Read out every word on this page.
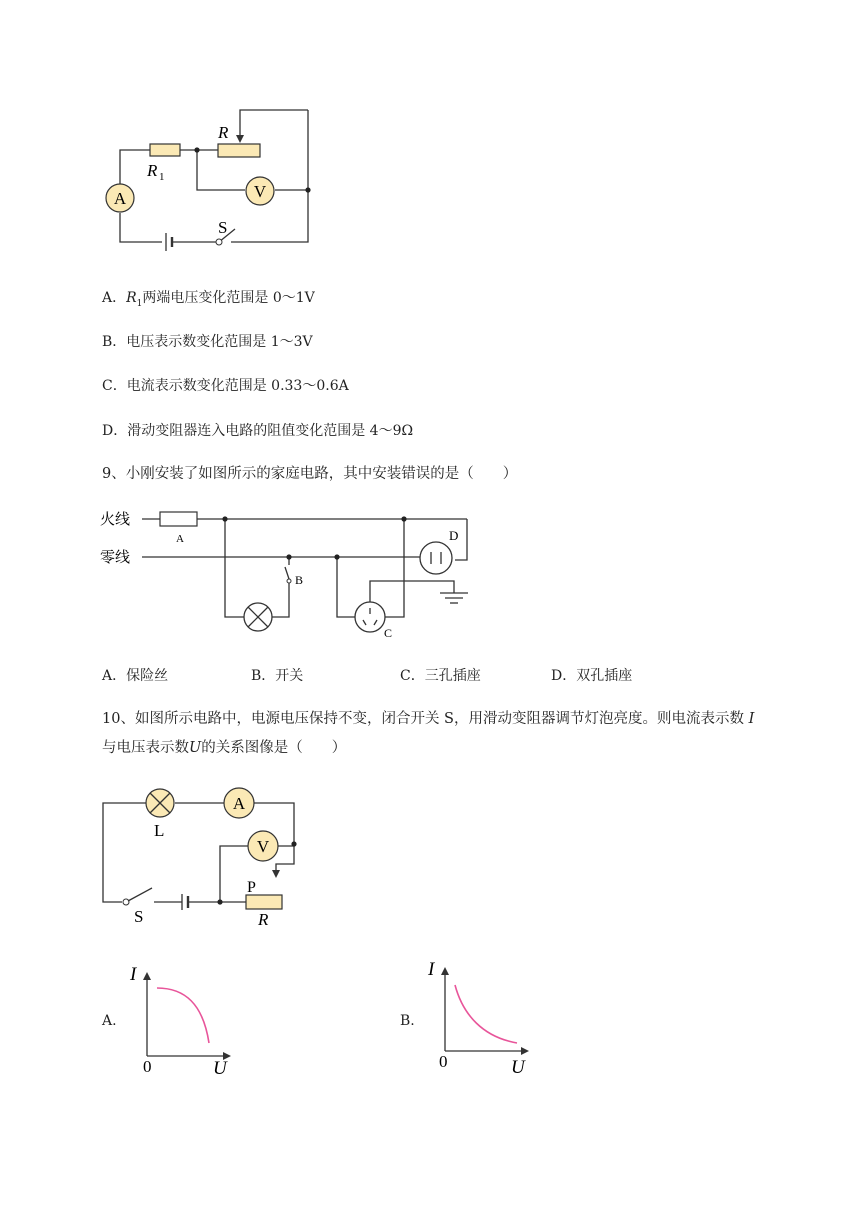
A	V
R
R 1
S
A．$R_1$两端电压变化范围是 0～1V
B．电压表示数变化范围是 1～3V
C．电流表示数变化范围是 0.33～0.6A
D．滑动变阻器连入电路的阻值变化范围是 4～9Ω
9、小刚安装了如图所示的家庭电路，其中安装错误的是（　　）
火线
零线
A
B
C
D
A．保险丝	B．开关	C．三孔插座	D．双孔插座
10、如图所示电路中，电源电压保持不变，闭合开关 S，用滑动变阻器调节灯泡亮度。则电流表示数 I
与电压表示数U的关系图像是（　　）
A
V
L
S
P
R
A.
I
0	U
B.
I
0	U
